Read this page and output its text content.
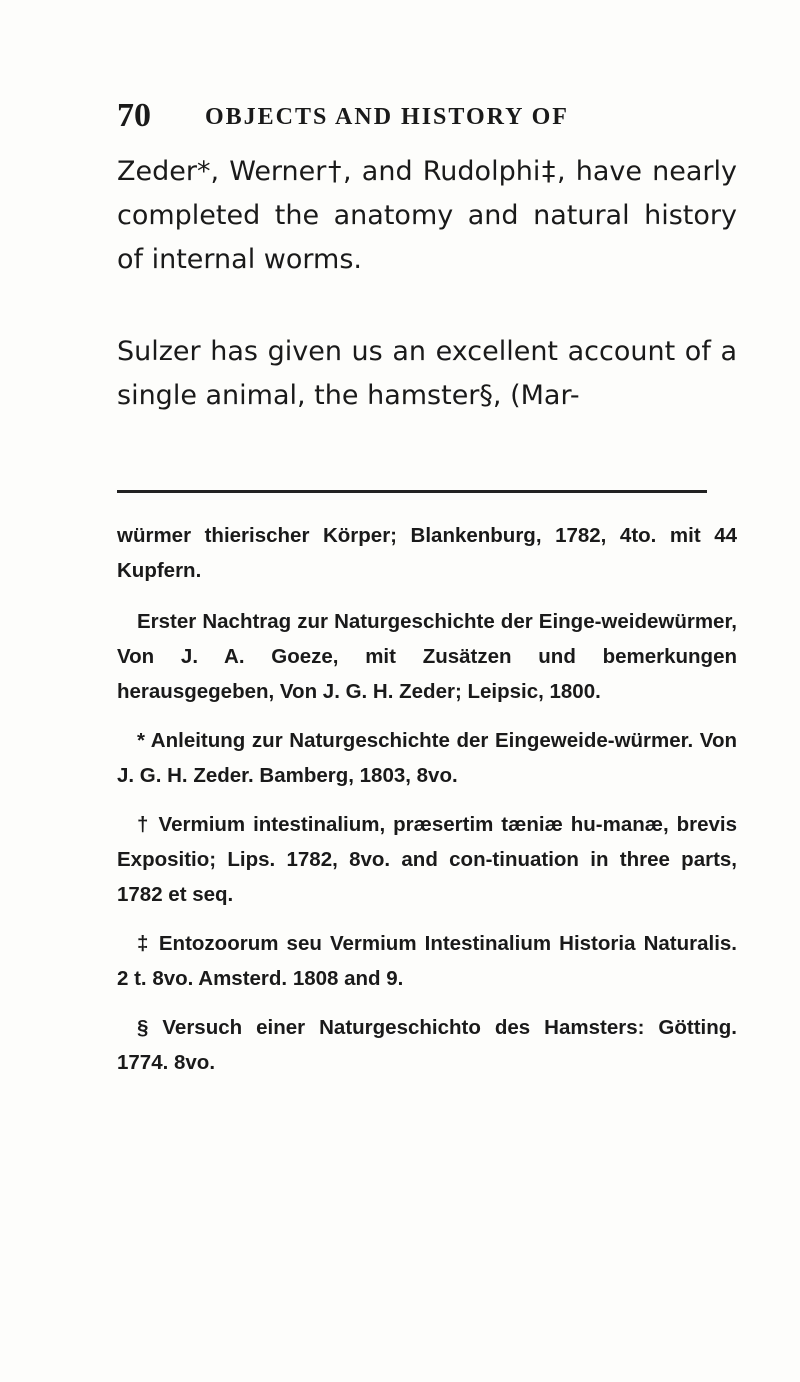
70 OBJECTS AND HISTORY OF

Zeder*, Werner†, and Rudolphi‡, have nearly completed the anatomy and natural history of internal worms.

Sulzer has given us an excellent account of a single animal, the hamster§, (Mar-

würmer thierischer Körper; Blankenburg, 1782, 4to. mit 44 Kupfern.

Erster Nachtrag zur Naturgeschichte der Einge-weidewürmer, Von J. A. Goeze, mit Zusätzen und bemerkungen herausgegeben, Von J. G. H. Zeder; Leipsic, 1800.

* Anleitung zur Naturgeschichte der Eingeweide-würmer. Von J. G. H. Zeder. Bamberg, 1803, 8vo.

† Vermium intestinalium, præsertim tæniæ hu-manæ, brevis Expositio; Lips. 1782, 8vo. and con-tinuation in three parts, 1782 et seq.

‡ Entozoorum seu Vermium Intestinalium Historia Naturalis. 2 t. 8vo. Amsterd. 1808 and 9.

§ Versuch einer Naturgeschichto des Hamsters: Götting. 1774. 8vo.
